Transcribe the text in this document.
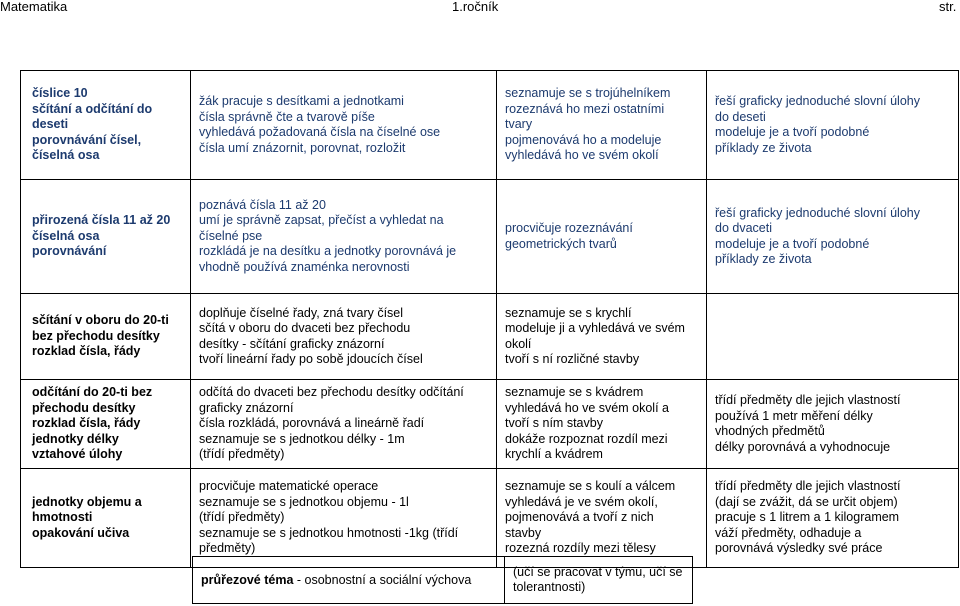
Matematika	1.ročník	str.
číslice 10
sčítání a odčítání do
deseti
porovnávání čísel,
číselná osa	žák pracuje s desítkami a jednotkami
čísla správně čte a tvarově píše
vyhledává požadovaná čísla na číselné ose
čísla umí znázornit, porovnat, rozložit	seznamuje se s trojúhelníkem
rozeznává ho mezi ostatními
tvary
pojmenovává ho a modeluje
vyhledává ho ve svém okolí	řeší graficky jednoduché slovní úlohy
do deseti
modeluje je a tvoří podobné
příklady ze života

přirozená čísla 11 až 20
číselná osa
porovnávání	poznává čísla 11 až 20
umí je správně zapsat, přečíst a vyhledat na
číselné pse
rozkládá je na desítku a jednotky porovnává je
vhodně používá znaménka nerovnosti	procvičuje rozeznávání
geometrických tvarů	řeší graficky jednoduché slovní úlohy
do dvaceti
modeluje je a tvoří podobné
příklady ze života

sčítání v oboru do 20-ti
bez přechodu desítky
rozklad čísla, řády	doplňuje číselné řady, zná tvary čísel
sčítá v oboru do dvaceti bez přechodu
desítky - sčítání graficky znázorní
tvoří lineární řady po sobě jdoucích čísel	seznamuje se s krychlí
modeluje ji a vyhledává ve svém
okolí
tvoří s ní rozličné stavby	

odčítání do 20-ti bez
přechodu desítky
rozklad čísla, řády
jednotky délky
vztahové úlohy	odčítá do dvaceti bez přechodu desítky odčítání
graficky znázorní
čísla rozkládá, porovnává a lineárně řadí
seznamuje se s jednotkou délky - 1m
(třídí předměty)	seznamuje se s kvádrem
vyhledává ho ve svém okolí a
tvoří s ním stavby
dokáže rozpoznat rozdíl mezi
krychlí a kvádrem	třídí předměty dle jejich vlastností
používá 1 metr měření délky
vhodných předmětů
délky porovnává a vyhodnocuje

jednotky objemu a
hmotnosti
opakování učiva	procvičuje matematické operace
seznamuje se s jednotkou objemu - 1l
(třídí předměty)
seznamuje se s jednotkou hmotnosti -1kg (třídí
předměty)	seznamuje se s koulí a válcem
vyhledává je ve svém okolí,
pojmenovává a tvoří z nich
stavby
rozezná rozdíly mezi tělesy	třídí předměty dle jejich vlastností
(dají se zvážit, dá se určit objem)
pracuje s 1 litrem a 1 kilogramem
váží předměty, odhaduje a
porovnává výsledky své práce
průřezové téma - osobnostní a sociální výchova	
(učí se pracovat v týmu, učí se
tolerantnosti)
